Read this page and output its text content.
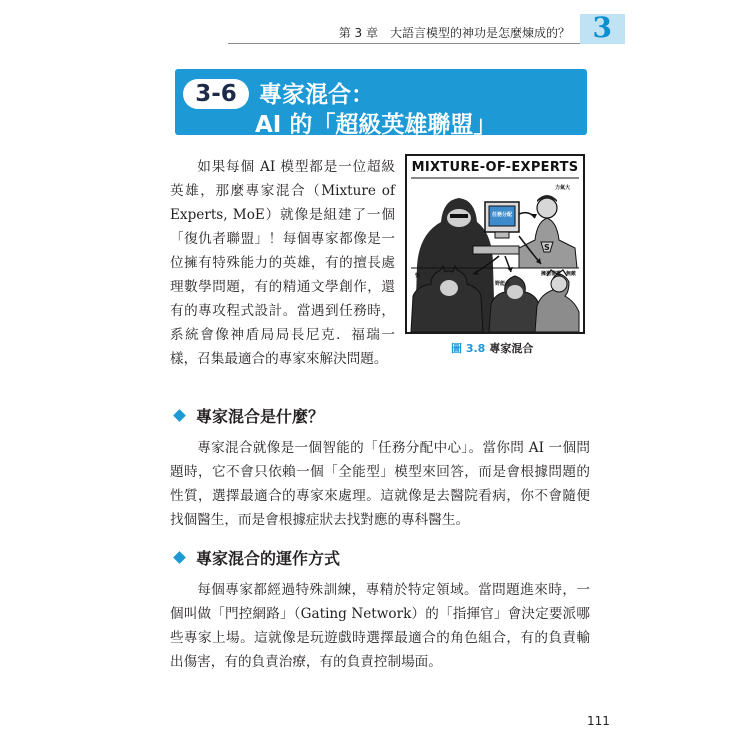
第 3 章　大語言模型的神功是怎麼煉成的？ 3
3-6 專家混合：
AI 的「超級英雄聯盟」
如果每個 AI 模型都是一位超級英雄，那麼專家混合（Mixture of Experts, MoE）就像是組建了一個「復仇者聯盟」！每個專家都像是一位擁有特殊能力的英雄，有的擅長處理數學問題，有的精通文學創作，還有的專攻程式設計。當遇到任務時，系統會像神盾局局長尼克．福瑞一樣，召集最適合的專家來解決問題。
MIXTURE-OF-EXPERTS
S
任務分配
力氣大
擁抱雷霆、無敵
快
野能力
圖 3.8 專家混合
專家混合是什麼？
專家混合就像是一個智能的「任務分配中心」。當你問 AI 一個問題時，它不會只依賴一個「全能型」模型來回答，而是會根據問題的性質，選擇最適合的專家來處理。這就像是去醫院看病，你不會隨便找個醫生，而是會根據症狀去找對應的專科醫生。
專家混合的運作方式
每個專家都經過特殊訓練，專精於特定領域。當問題進來時，一個叫做「門控網路」（Gating Network）的「指揮官」會決定要派哪些專家上場。這就像是玩遊戲時選擇最適合的角色組合，有的負責輸出傷害，有的負責治療，有的負責控制場面。
111
